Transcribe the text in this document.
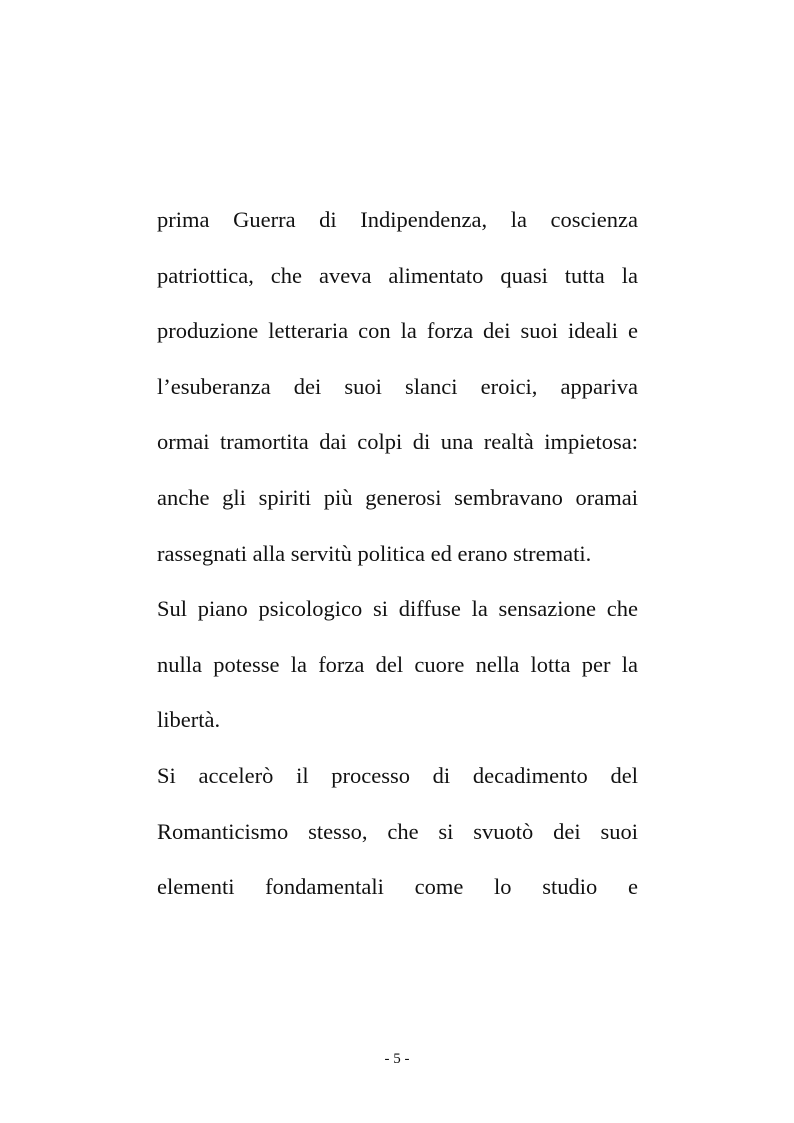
prima Guerra di Indipendenza, la coscienza
patriottica, che aveva alimentato quasi tutta la
produzione letteraria con la forza dei suoi ideali e
l’esuberanza dei suoi slanci eroici, appariva
ormai tramortita dai colpi di una realtà impietosa:
anche gli spiriti più generosi sembravano oramai
rassegnati alla servitù politica ed erano stremati.
Sul piano psicologico si diffuse la sensazione che
nulla potesse la forza del cuore nella lotta per la
libertà.
Si accelerò il processo di decadimento del
Romanticismo stesso, che si svuotò dei suoi
elementi fondamentali come lo studio e
- 5 -
